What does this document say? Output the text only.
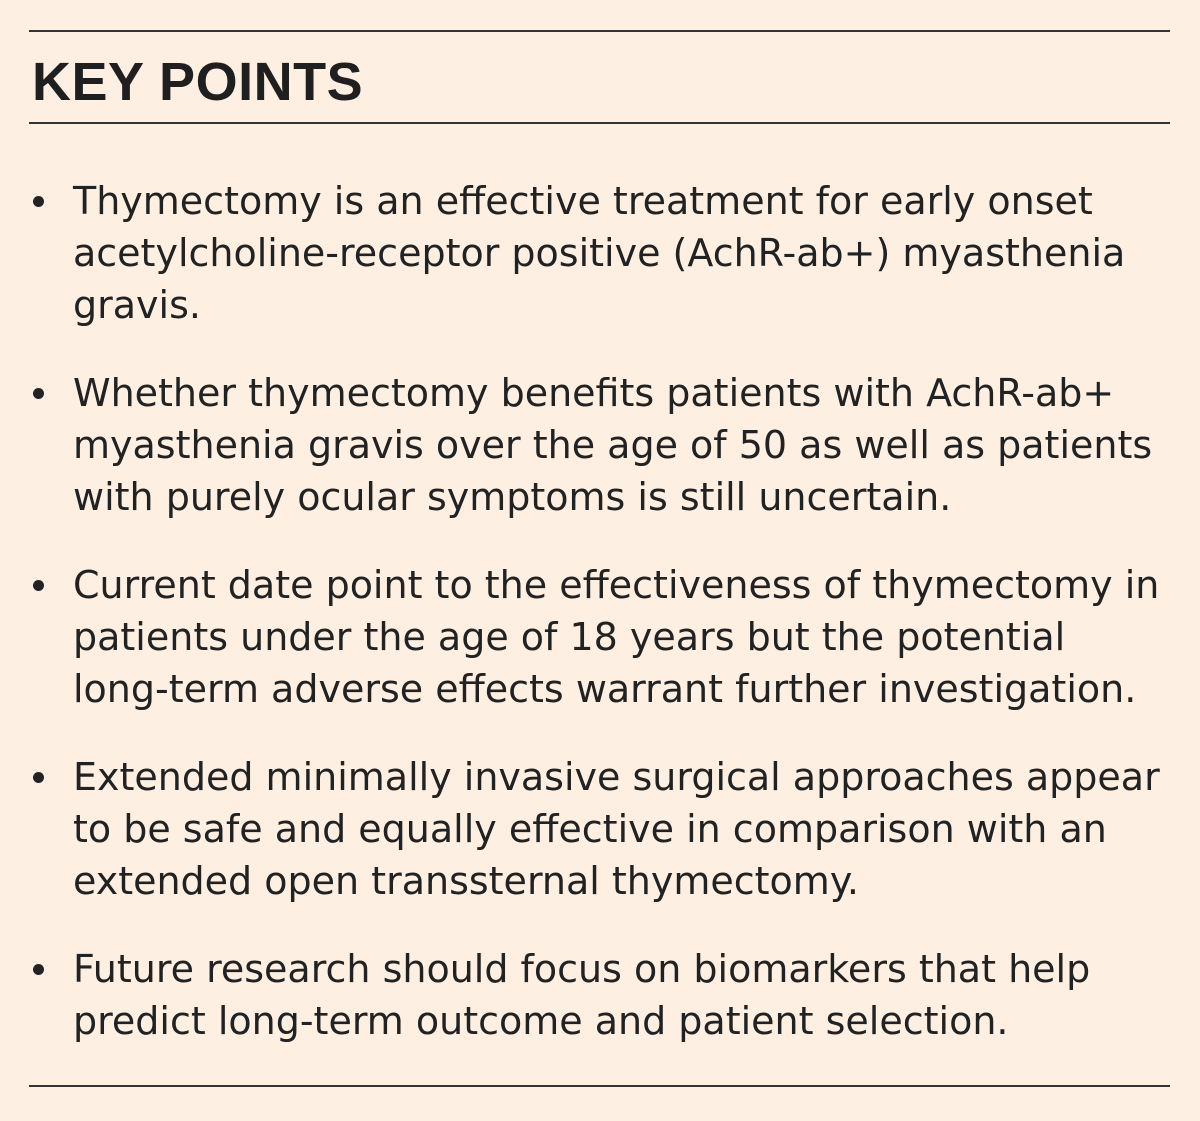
KEY POINTS
Thymectomy is an effective treatment for early onset acetylcholine-receptor positive (AchR-ab+) myasthenia gravis.
Whether thymectomy benefits patients with AchR-ab+ myasthenia gravis over the age of 50 as well as patients with purely ocular symptoms is still uncertain.
Current date point to the effectiveness of thymectomy in patients under the age of 18 years but the potential long-term adverse effects warrant further investigation.
Extended minimally invasive surgical approaches appear to be safe and equally effective in comparison with an extended open transsternal thymectomy.
Future research should focus on biomarkers that help predict long-term outcome and patient selection.
